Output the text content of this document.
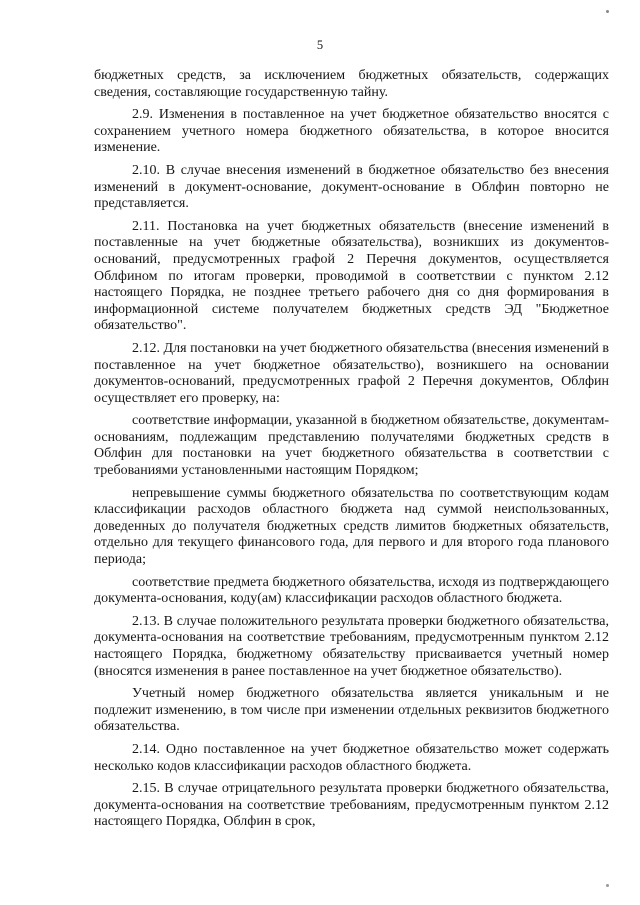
5

бюджетных средств, за исключением бюджетных обязательств, содержащих сведения, составляющие государственную тайну.

2.9. Изменения в поставленное на учет бюджетное обязательство вносятся с сохранением учетного номера бюджетного обязательства, в которое вносится изменение.

2.10. В случае внесения изменений в бюджетное обязательство без внесения изменений в документ-основание, документ-основание в Облфин повторно не представляется.

2.11. Постановка на учет бюджетных обязательств (внесение изменений в поставленные на учет бюджетные обязательства), возникших из документов-оснований, предусмотренных графой 2 Перечня документов, осуществляется Облфином по итогам проверки, проводимой в соответствии с пунктом 2.12 настоящего Порядка, не позднее третьего рабочего дня со дня формирования в информационной системе получателем бюджетных средств ЭД "Бюджетное обязательство".

2.12. Для постановки на учет бюджетного обязательства (внесения изменений в поставленное на учет бюджетное обязательство), возникшего на основании документов-оснований, предусмотренных графой 2 Перечня документов, Облфин осуществляет его проверку, на:

соответствие информации, указанной в бюджетном обязательстве, документам-основаниям, подлежащим представлению получателями бюджетных средств в Облфин для постановки на учет бюджетного обязательства в соответствии с требованиями установленными настоящим Порядком;

непревышение суммы бюджетного обязательства по соответствующим кодам классификации расходов областного бюджета над суммой неиспользованных, доведенных до получателя бюджетных средств лимитов бюджетных обязательств, отдельно для текущего финансового года, для первого и для второго года планового периода;

соответствие предмета бюджетного обязательства, исходя из подтверждающего документа-основания, коду(ам) классификации расходов областного бюджета.

2.13. В случае положительного результата проверки бюджетного обязательства, документа-основания на соответствие требованиям, предусмотренным пунктом 2.12 настоящего Порядка, бюджетному обязательству присваивается учетный номер (вносятся изменения в ранее поставленное на учет бюджетное обязательство).

Учетный номер бюджетного обязательства является уникальным и не подлежит изменению, в том числе при изменении отдельных реквизитов бюджетного обязательства.

2.14. Одно поставленное на учет бюджетное обязательство может содержать несколько кодов классификации расходов областного бюджета.

2.15. В случае отрицательного результата проверки бюджетного обязательства, документа-основания на соответствие требованиям, предусмотренным пунктом 2.12 настоящего Порядка, Облфин в срок,
